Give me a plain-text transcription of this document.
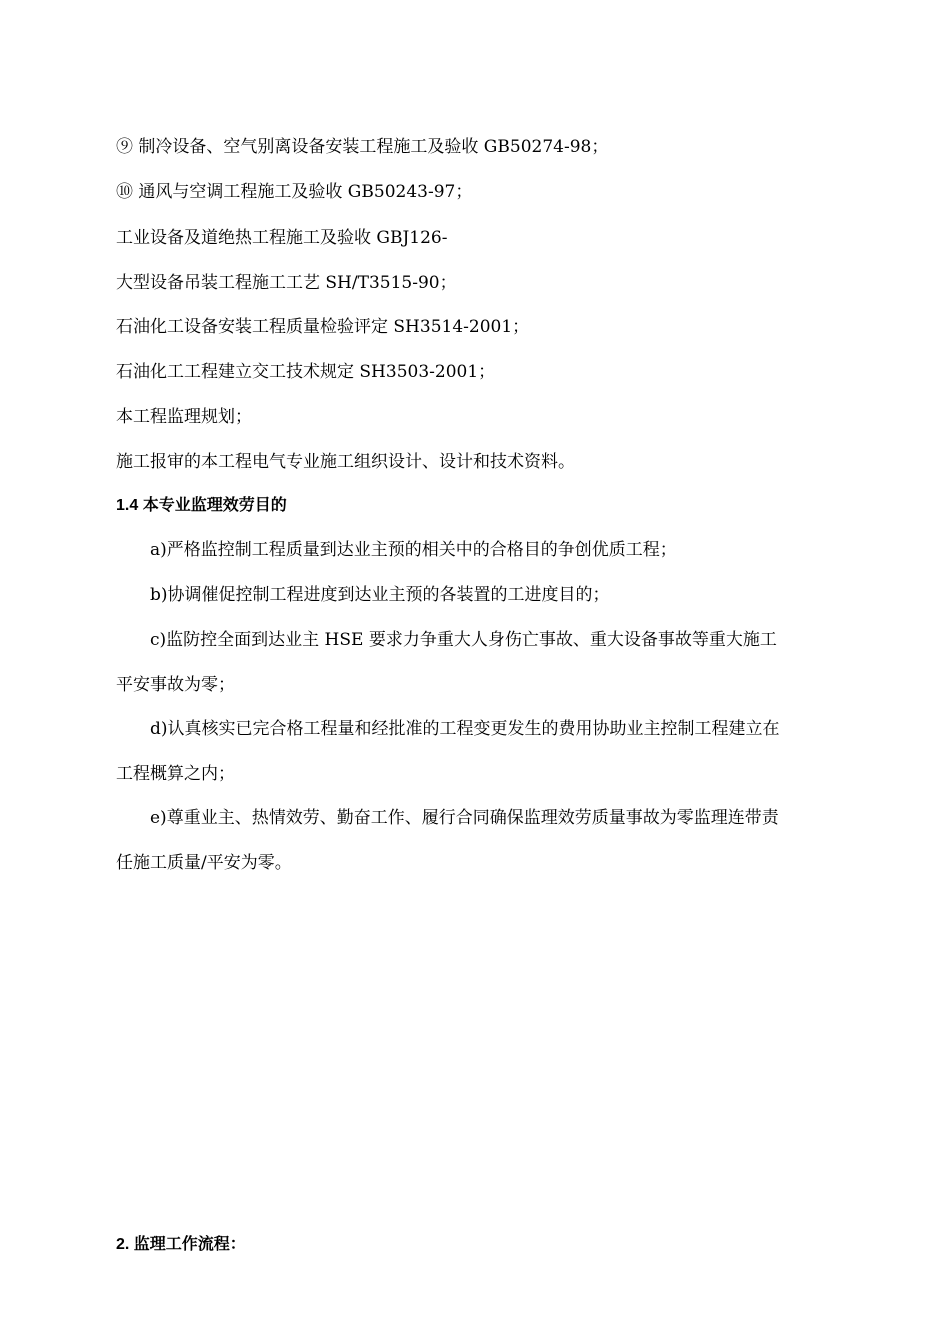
⑨ 制冷设备、空气别离设备安装工程施工及验收 GB50274-98；
⑩ 通风与空调工程施工及验收 GB50243-97；
工业设备及道绝热工程施工及验收 GBJ126-
大型设备吊装工程施工工艺 SH/T3515-90；
石油化工设备安装工程质量检验评定 SH3514-2001；
石油化工工程建立交工技术规定 SH3503-2001；
本工程监理规划；
施工报审的本工程电气专业施工组织设计、设计和技术资料。
1.4 本专业监理效劳目的
a)严格监控制工程质量到达业主预的相关中的合格目的争创优质工程；
b)协调催促控制工程进度到达业主预的各装置的工进度目的；
c)监防控全面到达业主 HSE 要求力争重大人身伤亡事故、重大设备事故等重大施工
平安事故为零；
d)认真核实已完合格工程量和经批准的工程变更发生的费用协助业主控制工程建立在
工程概算之内；
e)尊重业主、热情效劳、勤奋工作、履行合同确保监理效劳质量事故为零监理连带责
任施工质量/平安为零。
2. 监理工作流程：
